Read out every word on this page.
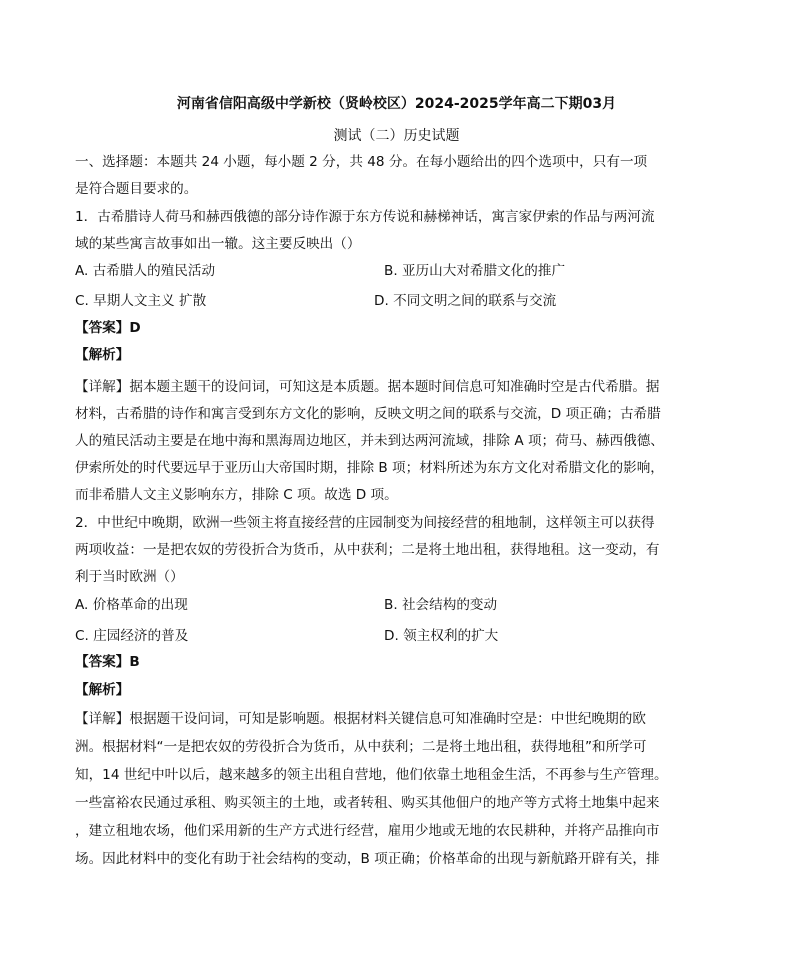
河南省信阳高级中学新校（贤岭校区）2024-2025学年高二下期03月
测试（二）历史试题
一、选择题：本题共 24 小题，每小题 2 分，共 48 分。在每小题给出的四个选项中，只有一项
是符合题目要求的。
1．古希腊诗人荷马和赫西俄德的部分诗作源于东方传说和赫梯神话，寓言家伊索的作品与两河流
域的某些寓言故事如出一辙。这主要反映出（）
A. 古希腊人的殖民活动	B. 亚历山大对希腊文化的推广
C. 早期人文主义 扩散	D. 不同文明之间的联系与交流
【答案】D
【解析】
【详解】据本题主题干的设问词，可知这是本质题。据本题时间信息可知准确时空是古代希腊。据
材料，古希腊的诗作和寓言受到东方文化的影响，反映文明之间的联系与交流，D 项正确；古希腊
人的殖民活动主要是在地中海和黑海周边地区，并未到达两河流域，排除 A 项；荷马、赫西俄德、
伊索所处的时代要远早于亚历山大帝国时期，排除 B 项；材料所述为东方文化对希腊文化的影响，
而非希腊人文主义影响东方，排除 C 项。故选 D 项。
2．中世纪中晚期，欧洲一些领主将直接经营的庄园制变为间接经营的租地制，这样领主可以获得
两项收益：一是把农奴的劳役折合为货币，从中获利；二是将土地出租，获得地租。这一变动，有
利于当时欧洲（）
A. 价格革命的出现	B. 社会结构的变动
C. 庄园经济的普及	D. 领主权利的扩大
【答案】B
【解析】
【详解】根据题干设问词，可知是影响题。根据材料关键信息可知准确时空是：中世纪晚期的欧
洲。根据材料“一是把农奴的劳役折合为货币，从中获利；二是将土地出租，获得地租”和所学可
知，14 世纪中叶以后，越来越多的领主出租自营地，他们依靠土地租金生活，不再参与生产管理。
一些富裕农民通过承租、购买领主的土地，或者转租、购买其他佃户的地产等方式将土地集中起来
，建立租地农场，他们采用新的生产方式进行经营，雇用少地或无地的农民耕种，并将产品推向市
场。因此材料中的变化有助于社会结构的变动，B 项正确；价格革命的出现与新航路开辟有关，排
